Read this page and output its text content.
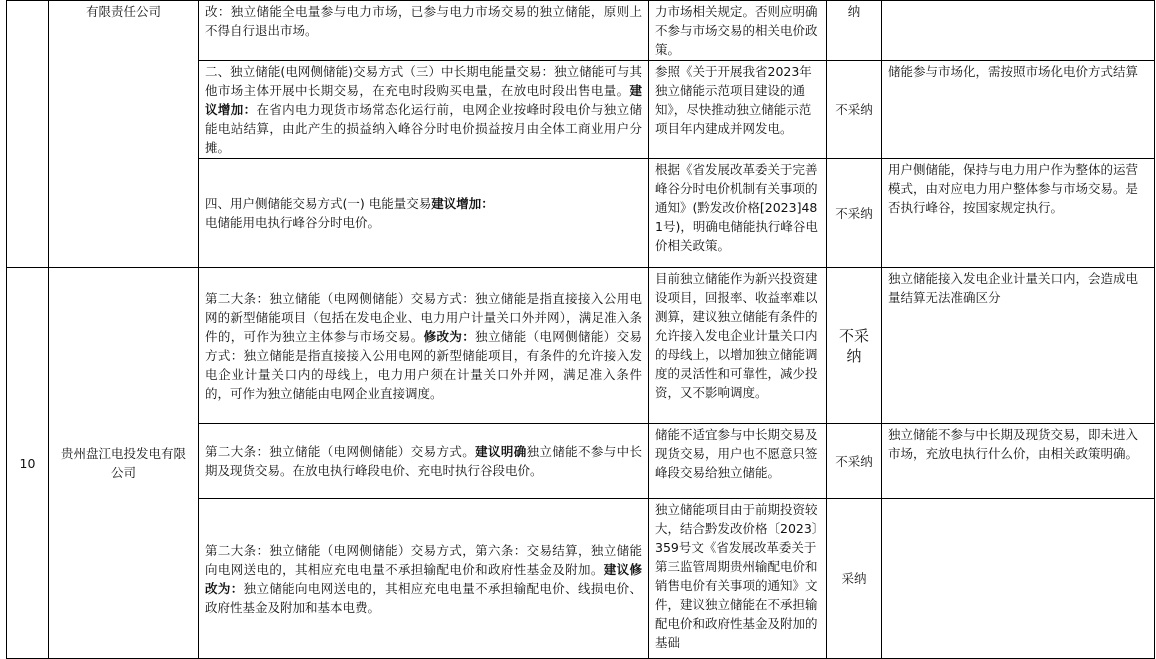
	有限责任公司	改：独立储能全电量参与电力市场，已参与电力市场交易的独立储能，原则上不得自行退出市场。	力市场相关规定。否则应明确不参与市场交易的相关电价政策。	纳	
		二、独立储能(电网侧储能)交易方式（三）中长期电能量交易：独立储能可与其他市场主体开展中长期交易，在充电时段购买电量，在放电时段出售电量。建议增加：在省内电力现货市场常态化运行前，电网企业按峰时段电价与独立储能电站结算，由此产生的损益纳入峰谷分时电价损益按月由全体工商业用户分摊。	参照《关于开展我省2023年独立储能示范项目建设的通知》，尽快推动独立储能示范项目年内建成并网发电。	不采纳	储能参与市场化，需按照市场化电价方式结算
		四、用户侧储能交易方式(一) 电能量交易建议增加：
电储能用电执行峰谷分时电价。	根据《省发展改革委关于完善峰谷分时电价机制有关事项的通知》(黔发改价格[2023]481号)，明确电储能执行峰谷电价相关政策。	不采纳	用户侧储能，保持与电力用户作为整体的运营模式，由对应电力用户整体参与市场交易。是否执行峰谷，按国家规定执行。
10	贵州盘江电投发电有限公司	第二大条：独立储能（电网侧储能）交易方式：独立储能是指直接接入公用电网的新型储能项目（包括在发电企业、电力用户计量关口外并网），满足准入条件的，可作为独立主体参与市场交易。修改为：独立储能（电网侧储能）交易方式：独立储能是指直接接入公用电网的新型储能项目，有条件的允许接入发电企业计量关口内的母线上，电力用户须在计量关口外并网，满足准入条件的，可作为独立储能由电网企业直接调度。	目前独立储能作为新兴投资建设项目，回报率、收益率难以测算，建议独立储能有条件的允许接入发电企业计量关口内的母线上，以增加独立储能调度的灵活性和可靠性，减少投资，又不影响调度。	不采纳	独立储能接入发电企业计量关口内，会造成电量结算无法准确区分
		第二大条：独立储能（电网侧储能）交易方式。建议明确独立储能不参与中长期及现货交易。在放电执行峰段电价、充电时执行谷段电价。	储能不适宜参与中长期交易及现货交易，用户也不愿意只签峰段交易给独立储能。	不采纳	独立储能不参与中长期及现货交易，即未进入市场，充放电执行什么价，由相关政策明确。
		第二大条：独立储能（电网侧储能）交易方式，第六条：交易结算，独立储能向电网送电的，其相应充电电量不承担输配电价和政府性基金及附加。建议修改为：独立储能向电网送电的，其相应充电电量不承担输配电价、线损电价、政府性基金及附加和基本电费。	独立储能项目由于前期投资较大，结合黔发改价格〔2023〕359号文《省发展改革委关于第三监管周期贵州输配电价和销售电价有关事项的通知》文件，建议独立储能在不承担输配电价和政府性基金及附加的基础	采纳	
